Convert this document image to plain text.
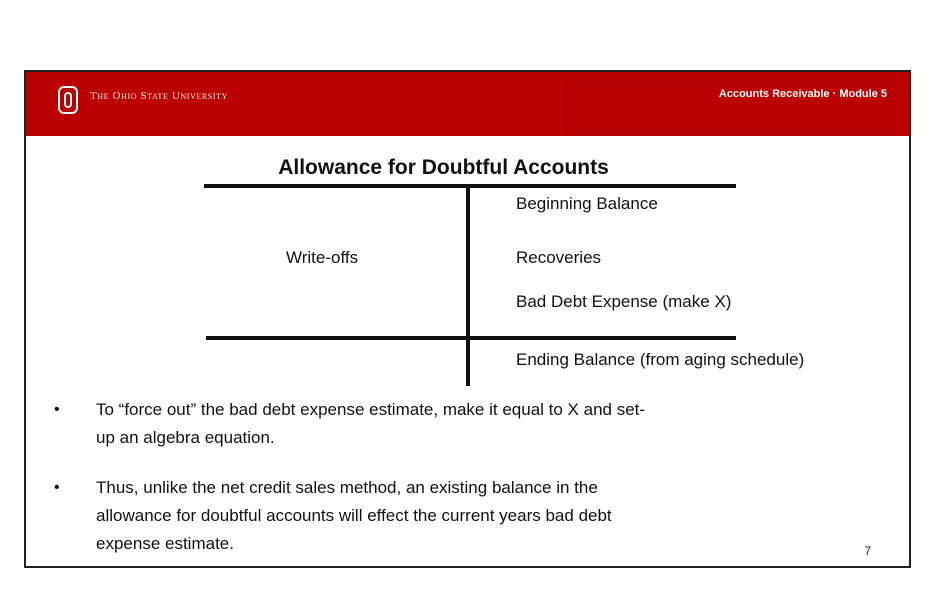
The Ohio State University	Accounts Receivable · Module 5
Allowance for Doubtful Accounts
Write-offs
Beginning Balance
Recoveries
Bad Debt Expense (make X)
Ending Balance (from aging schedule)
• To “force out” the bad debt expense estimate, make it equal to X and set-
up an algebra equation.
• Thus, unlike the net credit sales method, an existing balance in the
allowance for doubtful accounts will effect the current years bad debt
expense estimate.	7
